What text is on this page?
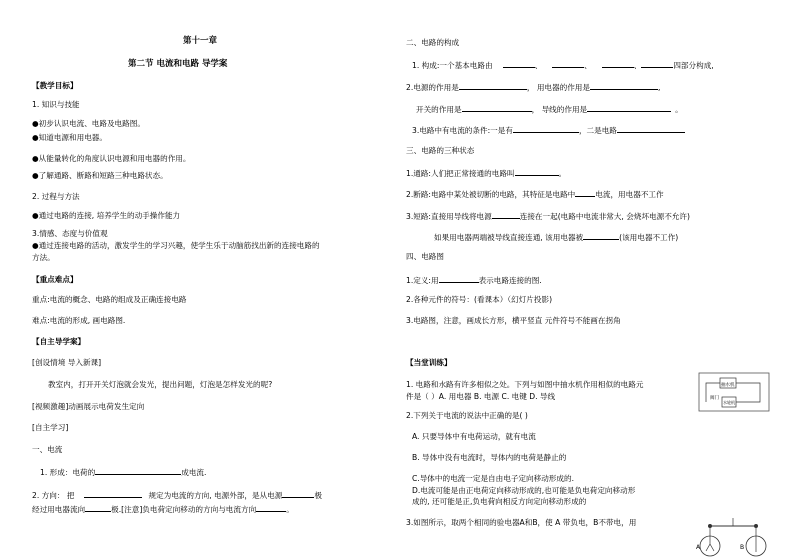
第十一章
第二节 电流和电路 导学案
【教学目标】
1. 知识与技能
●初步认识电流、电路及电路图。
●知道电源和用电器。
●从能量转化的角度认识电源和用电器的作用。
●了解通路、断路和短路三种电路状态。
2. 过程与方法
●通过电路的连接, 培养学生的动手操作能力
3.情感、态度与价值观
●通过连接电路的活动，激发学生的学习兴趣，使学生乐于动脑筋找出新的连接电路的
方法。
【重点难点】
重点:电流的概念、电路的组成及正确连接电路
难点:电流的形成, 画电路图.
【自主导学案】
[创设情境 导入新课]
教室内，打开开关灯泡就会发光，提出问题，灯泡是怎样发光的呢?
[视频激趣]动画展示电荷发生定向
[自主学习]
一、电流
1. 形成：电荷的	成电流.
2. 方向： 把	规定为电流的方向, 电源外部，是从电源	极
经过用电器流向	极.[注意]负电荷定向移动的方向与电流方向	。
二、电路的构成
1. 构成:一个基本电路由	、	、	、	四部分构成,
2.电源的作用是	， 用电器的作用是	,
开关的作用是	， 导线的作用是	。
3.电路中有电流的条件:一是有	，二是电路
三、电路的三种状态
1.通路:人们把正常接通的电路叫	。
2.断路:电路中某处被切断的电路，其特征是电路中	电流，用电器不工作
3.短路:直接用导线将电源	连接在一起(电路中电流非常大, 会烧坏电源不允许)
如果用电器两端被导线直接连通, 该用电器被	(该用电器不工作)
四、电路图
1.定义:用	表示电路连接的图.
2.各种元件的符号：(看课本）（幻灯片投影)
3.电路图，注意，画成长方形，横平竖直 元件符号不能画在拐角
【当堂训练】
1. 电路和水路有许多相似之处。下列与如图中抽水机作用相似的电路元
件是（ ）A. 用电器 B. 电源 C. 电键 D. 导线
抽水机
阀门
水轮机
2.下列关于电流的说法中正确的是( )
A. 只要导体中有电荷运动，就有电流
B. 导体中没有电流时，导体内的电荷是静止的
C.导体中的电流一定是自由电子定向移动形成的.
D.电流可能是由正电荷定向移动形成的,也可能是负电荷定向移动形
成的, 还可能是正,负电荷向相反方向定向移动形成的
3.如图所示，取两个相同的验电器A和B，使 A 带负电，B不带电，用
A	B
